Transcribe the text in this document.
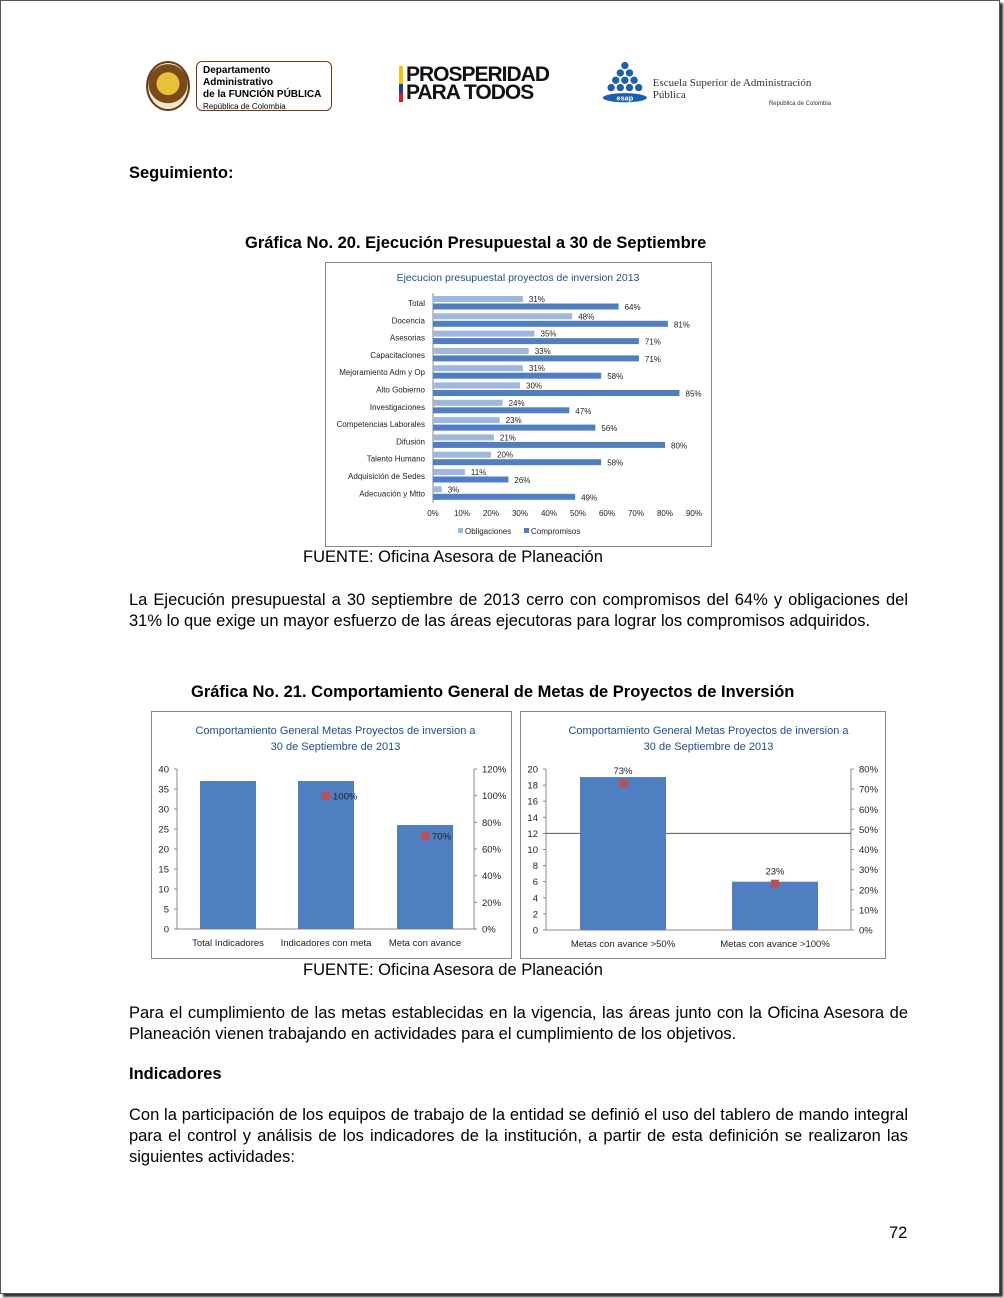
Departamento Administrativo
de la FUNCIÓN PÚBLICA
República de Colombia
PROSPERIDAD
PARA TODOS	esap
Escuela Superior de Administración Pública
República de Colombia
Seguimiento:
Gráfica No. 20. Ejecución Presupuestal a 30 de Septiembre
Ejecucion presupuestal proyectos de inversion 2013
Total	31%
64%
Docencia	48%
81%
Asesorias	35%
71%
Capacitaciones	33%
71%
Mejoramiento Adm y Op	31%
58%
Alto Gobierno	30%
85%
Investigaciones	24%
47%
Competencias Laborales	23%
56%
Difusión	21%
80%
Talento Humano	20%
58%
Adquisición de Sedes	11%
26%
Adecuación y Mtto	3%
49%
0% 10% 20% 30% 40% 50% 60% 70% 80% 90%
Obligaciones Compromisos
FUENTE: Oficina Asesora de Planeación
La Ejecución presupuestal a 30 septiembre de 2013 cerro con compromisos del 64% y obligaciones del 31% lo que exige un mayor esfuerzo de las áreas ejecutoras para lograr los compromisos adquiridos.
Gráfica No. 21. Comportamiento General de Metas de Proyectos de Inversión
Comportamiento General Metas Proyectos de inversion a
30 de Septiembre de 2013
0
5
10
15
20
25
30
35
40
0%
20%
40%
60%
80%
100%
120%
Total Indicadores Indicadores con meta Meta con avance
100%
70%
Comportamiento General Metas Proyectos de inversion a
30 de Septiembre de 2013
0
2
4
6
8
10
12
14
16
18
20
0%
10%
20%
30%
40%
50%
60%
70%
80%
Metas con avance >50%	Metas con avance >100%
73%
23%
FUENTE: Oficina Asesora de Planeación
Para el cumplimiento de las metas establecidas en la vigencia, las áreas junto con la Oficina Asesora de Planeación vienen trabajando en actividades para el cumplimiento de los objetivos.
Indicadores
Con la participación de los equipos de trabajo de la entidad se definió el uso del tablero de mando integral para el control y análisis de los indicadores de la institución, a partir de esta definición se realizaron las siguientes actividades:
72
